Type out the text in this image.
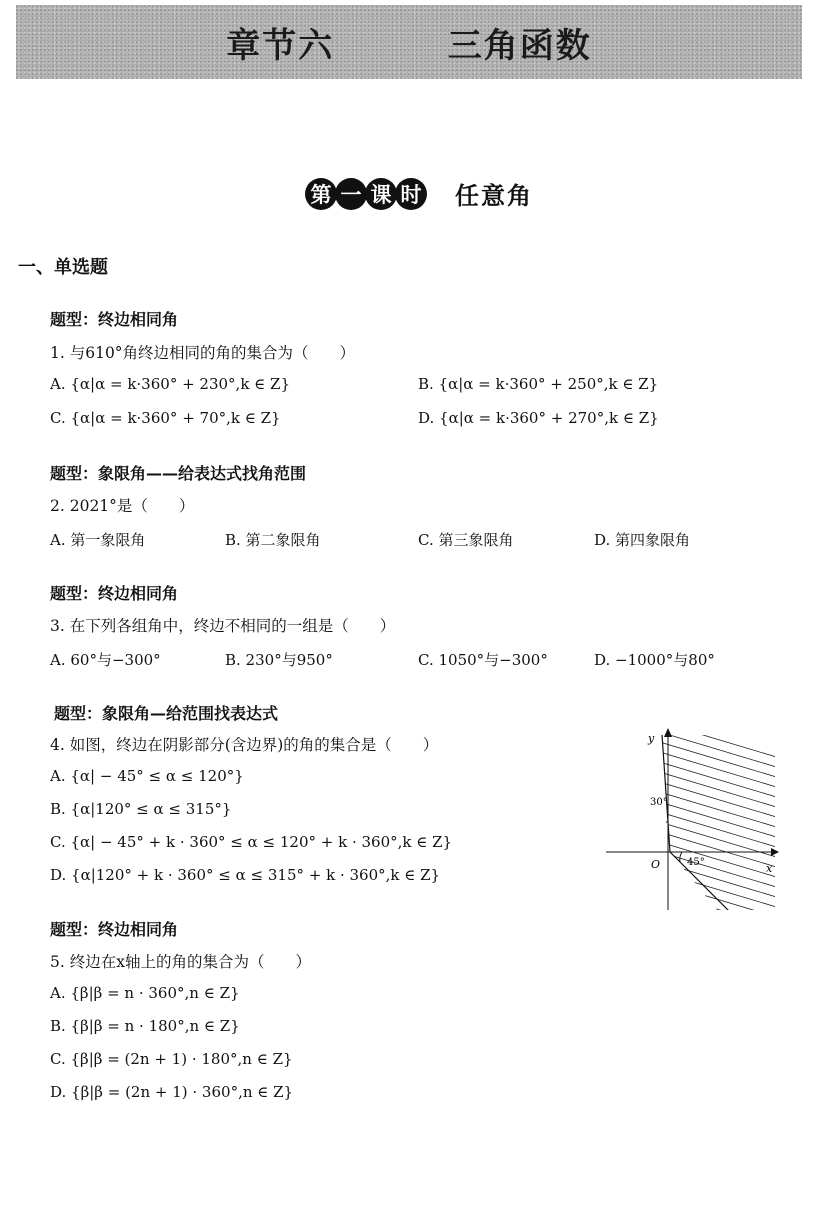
章节六   三角函数
第 一 课 时 任意角
一、单选题
题型：终边相同角
1. 与610°角终边相同的角的集合为（　　）
A. {α|α = k·360° + 230°,k ∈ Z}	B. {α|α = k·360° + 250°,k ∈ Z}
C. {α|α = k·360° + 70°,k ∈ Z}	D. {α|α = k·360° + 270°,k ∈ Z}
题型：象限角——给表达式找角范围
2. 2021°是（　　）
A. 第一象限角	B. 第二象限角	C. 第三象限角	D. 第四象限角
题型：终边相同角
3. 在下列各组角中，终边不相同的一组是（　　）
A. 60°与−300°	B. 230°与950°	C. 1050°与−300°	D. −1000°与80°
题型：象限角—给范围找表达式
4. 如图，终边在阴影部分(含边界)的角的集合是（　　）
A. {α| − 45° ≤ α ≤ 120°}
B. {α|120° ≤ α ≤ 315°}
C. {α| − 45° + k · 360° ≤ α ≤ 120° + k · 360°,k ∈ Z}
D. {α|120° + k · 360° ≤ α ≤ 315° + k · 360°,k ∈ Z}
y
x
O
30°
45°
题型：终边相同角
5. 终边在x轴上的角的集合为（　　）
A. {β|β = n · 360°,n ∈ Z}
B. {β|β = n · 180°,n ∈ Z}
C. {β|β = (2n + 1) · 180°,n ∈ Z}
D. {β|β = (2n + 1) · 360°,n ∈ Z}
